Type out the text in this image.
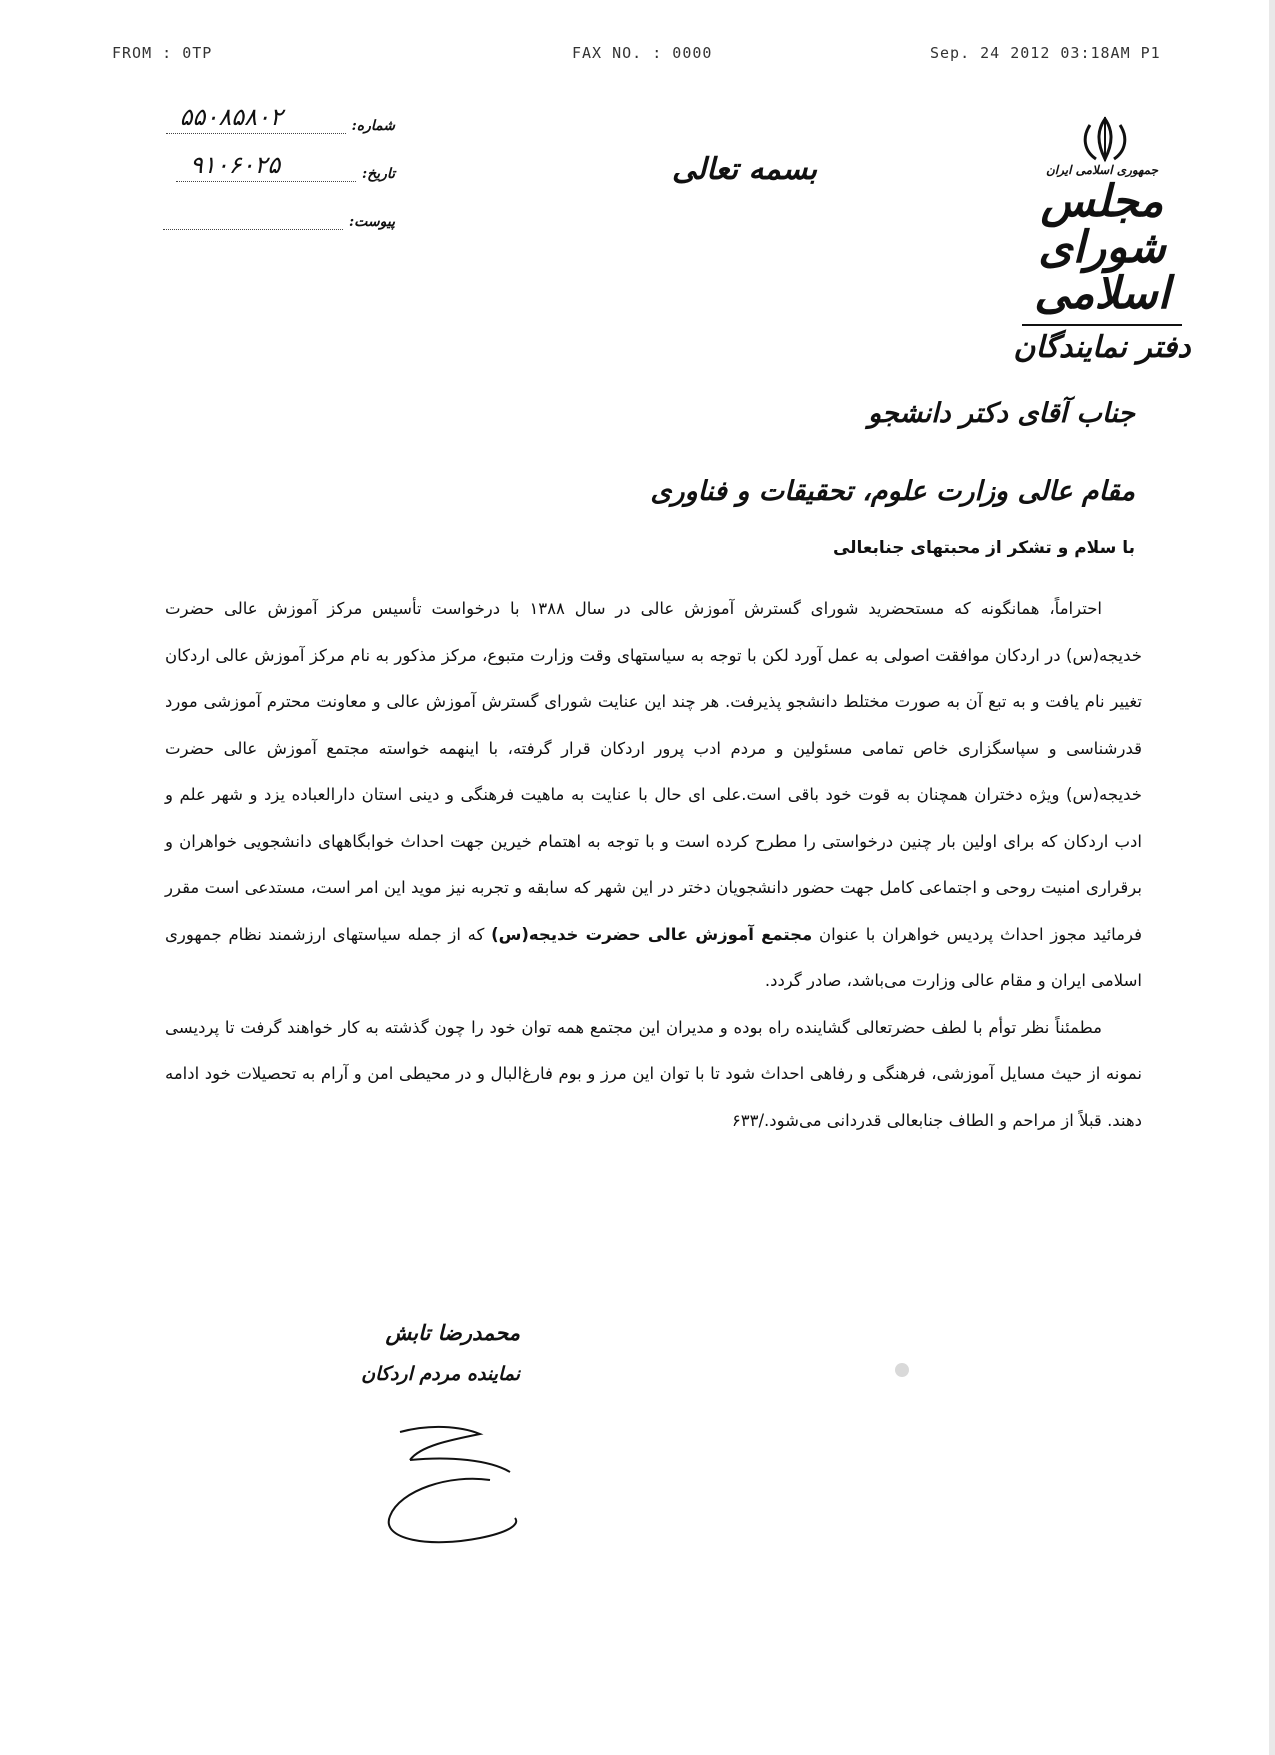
FROM : 0TP	FAX NO. : 0000	Sep. 24 2012 03:18AM P1
شماره:
۵۵۰۸۵۸۰۲
تاریخ:
۹۱۰۶۰۲۵
پیوست:
بسمه تعالی	جمهوری اسلامی ایران
مجلس شورای اسلامی
دفتر نمایندگان
جناب آقای دکتر دانشجو
مقام عالی وزارت علوم، تحقیقات و فناوری
با سلام و تشکر از محبتهای جنابعالی

احتراماً، همانگونه که مستحضرید شورای گسترش آموزش عالی در سال ۱۳۸۸ با درخواست تأسیس مرکز آموزش عالی حضرت خدیجه(س) در اردکان موافقت اصولی به عمل آورد لکن با توجه به سیاستهای وقت وزارت متبوع، مرکز مذکور به نام مرکز آموزش عالی اردکان تغییر نام یافت و به تبع آن به صورت مختلط دانشجو پذیرفت. هر چند این عنایت شورای گسترش آموزش عالی و معاونت محترم آموزشی مورد قدرشناسی و سپاسگزاری خاص تمامی مسئولین و مردم ادب پرور اردکان قرار گرفته، با اینهمه خواسته مجتمع آموزش عالی حضرت خدیجه(س) ویژه دختران همچنان به قوت خود باقی است.علی ای حال با عنایت به ماهیت فرهنگی و دینی استان دارالعباده یزد و شهر علم و ادب اردکان که برای اولین بار چنین درخواستی را مطرح کرده است و با توجه به اهتمام خیرین جهت احداث خوابگاههای دانشجویی خواهران و برقراری امنیت روحی و اجتماعی کامل جهت حضور دانشجویان دختر در این شهر که سابقه و تجربه نیز موید این امر است، مستدعی است مقرر فرمائید مجوز احداث پردیس خواهران با عنوان مجتمع آموزش عالی حضرت خدیجه(س) که از جمله سیاستهای ارزشمند نظام جمهوری اسلامی ایران و مقام عالی وزارت می‌باشد، صادر گردد.

مطمئناً نظر توأم با لطف حضرتعالی گشاینده راه بوده و مدیران این مجتمع همه توان خود را چون گذشته به کار خواهند گرفت تا پردیسی نمونه از حیث مسایل آموزشی، فرهنگی و رفاهی احداث شود تا با توان این مرز و بوم فارغ‌البال و در محیطی امن و آرام به تحصیلات خود ادامه دهند. قبلاً از مراحم و الطاف جنابعالی قدردانی می‌شود./۶۳۳

محمدرضا تابش
نماینده مردم اردکان
